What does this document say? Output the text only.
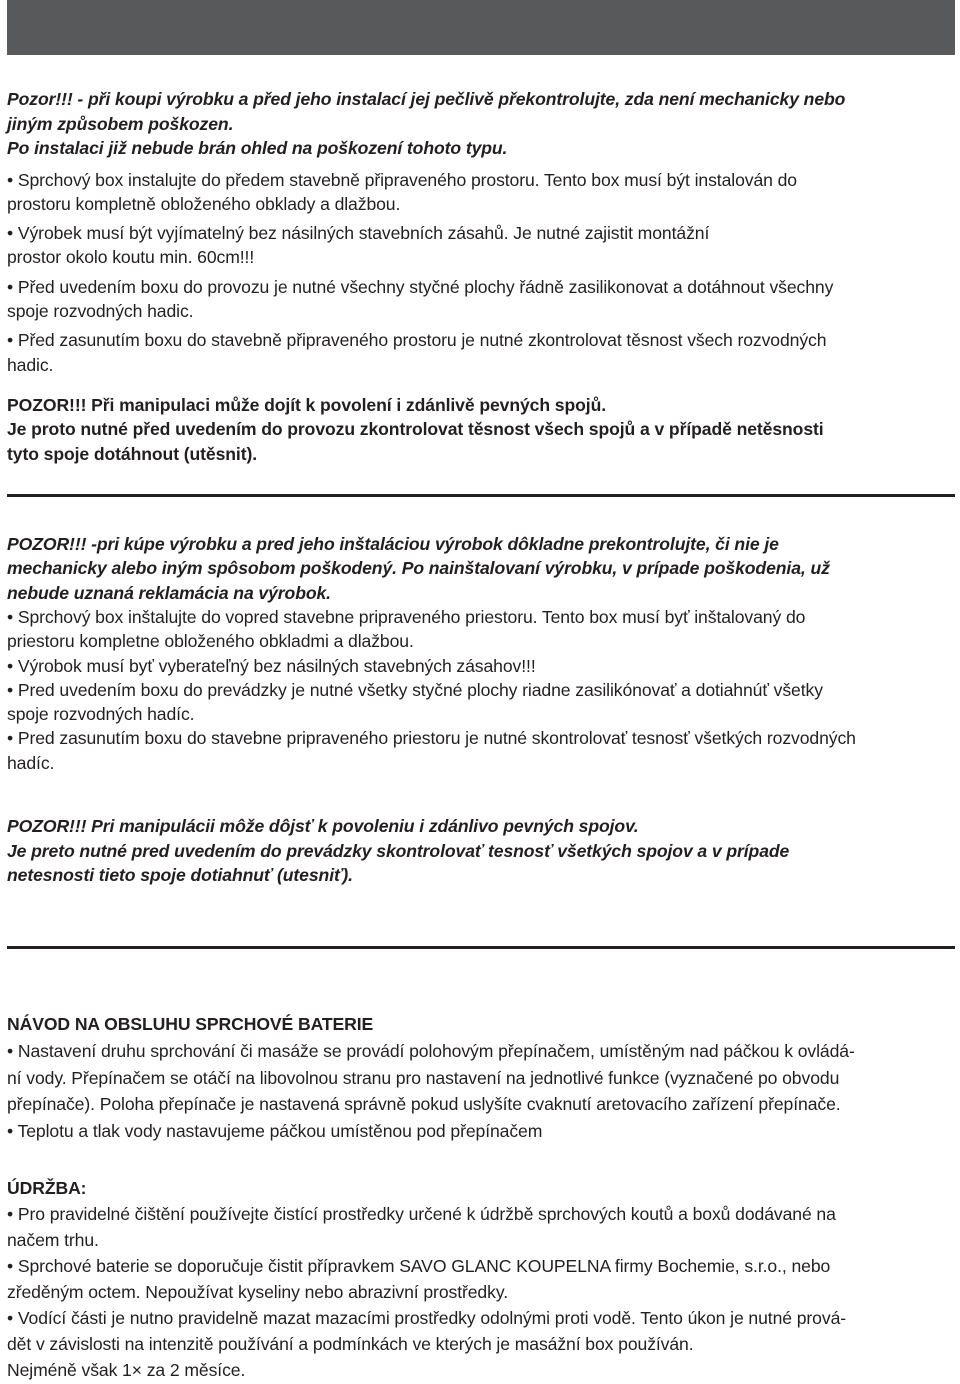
Pozor!!! - při koupi výrobku a před jeho instalací jej pečlivě překontrolujte, zda není mechanicky nebo
jiným způsobem poškozen.
Po instalaci již nebude brán ohled na poškození tohoto typu.
• Sprchový box instalujte do předem stavebně připraveného prostoru. Tento box musí být instalován do
prostoru kompletně obloženého obklady a dlažbou.
• Výrobek musí být vyjímatelný bez násilných stavebních zásahů. Je nutné zajistit montážní
prostor okolo koutu min. 60cm!!!
• Před uvedením boxu do provozu je nutné všechny styčné plochy řádně zasilikonovat a dotáhnout všechny
spoje rozvodných hadic.
• Před zasunutím boxu do stavebně připraveného prostoru je nutné zkontrolovat těsnost všech rozvodných
hadic.
POZOR!!! Při manipulaci může dojít k povolení i zdánlivě pevných spojů.
Je proto nutné před uvedením do provozu zkontrolovat těsnost všech spojů a v případě netěsnosti
tyto spoje dotáhnout (utěsnit).
POZOR!!! -pri kúpe výrobku a pred jeho inštaláciou výrobok dôkladne prekontrolujte, či nie je
mechanicky alebo iným spôsobom poškodený. Po nainštalovaní výrobku, v prípade poškodenia, už
nebude uznaná reklamácia na výrobok.
• Sprchový box inštalujte do vopred stavebne pripraveného priestoru. Tento box musí byť inštalovaný do
priestoru kompletne obloženého obkladmi a dlažbou.
• Výrobok musí byť vyberateľný bez násilných stavebných zásahov!!!
• Pred uvedením boxu do prevádzky je nutné všetky styčné plochy riadne zasilikónovať a dotiahnúť všetky
spoje rozvodných hadíc.
• Pred zasunutím boxu do stavebne pripraveného priestoru je nutné skontrolovať tesnosť všetkých rozvodných
hadíc.
POZOR!!! Pri manipulácii môže dôjsť k povoleniu i zdánlivo pevných spojov.
Je preto nutné pred uvedením do prevádzky skontrolovať tesnosť všetkých spojov a v prípade
netesnosti tieto spoje dotiahnuť (utesniť).
NÁVOD NA OBSLUHU SPRCHOVÉ BATERIE
• Nastavení druhu sprchování či masáže se provádí polohovým přepínačem, umístěným nad páčkou k ovládá-
ní vody. Přepínačem se otáčí na libovolnou stranu pro nastavení na jednotlivé funkce (vyznačené po obvodu
přepínače). Poloha přepínače je nastavená správně pokud uslyšíte cvaknutí aretovacího zařízení přepínače.
• Teplotu a tlak vody nastavujeme páčkou umístěnou pod přepínačem
ÚDRŽBA:
• Pro pravidelné čištění používejte čistící prostředky určené k údržbě sprchových koutů a boxů dodávané na
načem trhu.
• Sprchové baterie se doporučuje čistit přípravkem SAVO GLANC KOUPELNA firmy Bochemie, s.r.o., nebo
zředěným octem. Nepoužívat kyseliny nebo abrazivní prostředky.
• Vodící části je nutno pravidelně mazat mazacími prostředky odolnými proti vodě. Tento úkon je nutné prová-
dět v závislosti na intenzitě používání a podmínkách ve kterých je masážní box používán.
Nejméně však 1× za 2 měsíce.
